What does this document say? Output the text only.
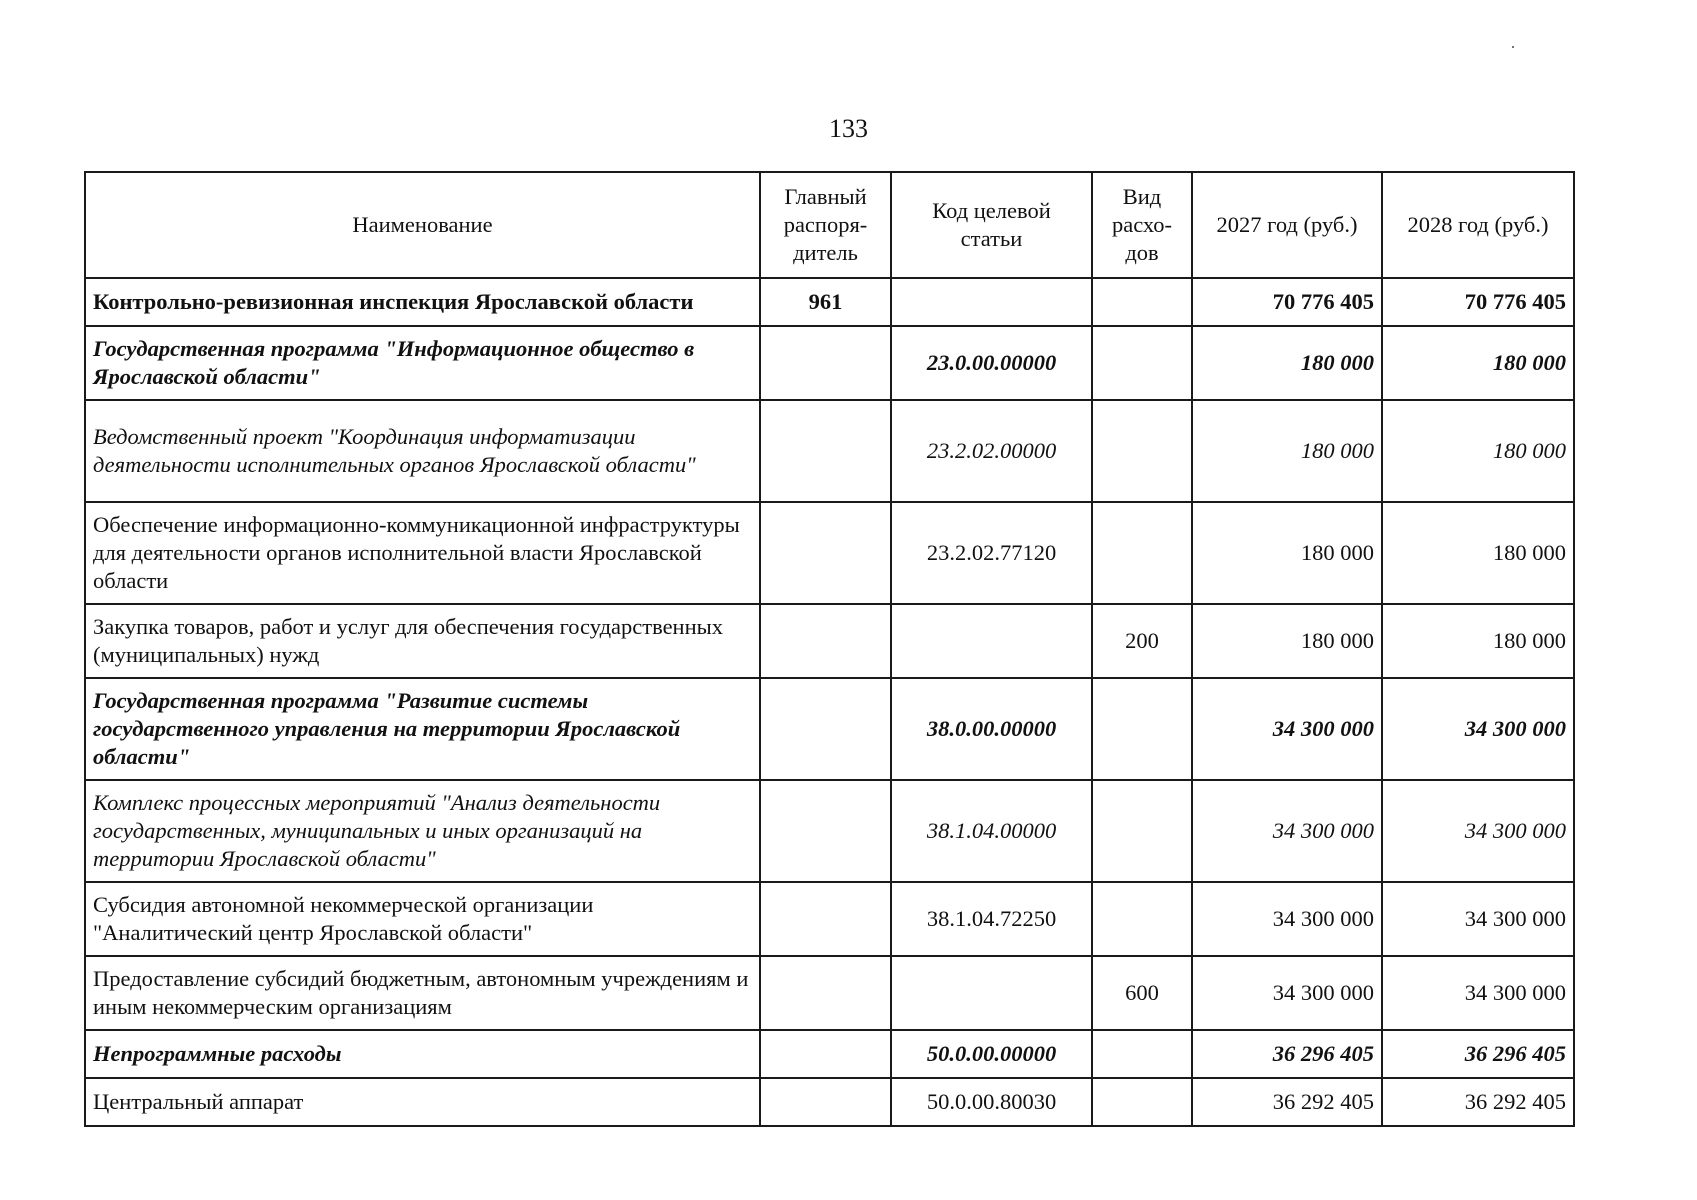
133
Наименование	Главный распоря-дитель	Код целевой статьи	Вид расхо-дов	2027 год (руб.)	2028 год (руб.)
Контрольно-ревизионная инспекция Ярославской области	961			70 776 405	70 776 405
Государственная программа "Информационное общество в Ярославской области"		23.0.00.00000		180 000	180 000
Ведомственный проект "Координация информатизации деятельности исполнительных органов Ярославской области"		23.2.02.00000		180 000	180 000
Обеспечение информационно-коммуникационной инфраструктуры для деятельности органов исполнительной власти Ярославской области		23.2.02.77120		180 000	180 000
Закупка товаров, работ и услуг для обеспечения государственных (муниципальных) нужд			200	180 000	180 000
Государственная программа "Развитие системы государственного управления на территории Ярославской области"		38.0.00.00000		34 300 000	34 300 000
Комплекс процессных мероприятий "Анализ деятельности государственных, муниципальных и иных организаций на территории Ярославской области"		38.1.04.00000		34 300 000	34 300 000
Субсидия автономной некоммерческой организации "Аналитический центр Ярославской области"		38.1.04.72250		34 300 000	34 300 000
Предоставление субсидий бюджетным, автономным учреждениям и иным некоммерческим организациям			600	34 300 000	34 300 000
Непрограммные расходы		50.0.00.00000		36 296 405	36 296 405
Центральный аппарат		50.0.00.80030		36 292 405	36 292 405
